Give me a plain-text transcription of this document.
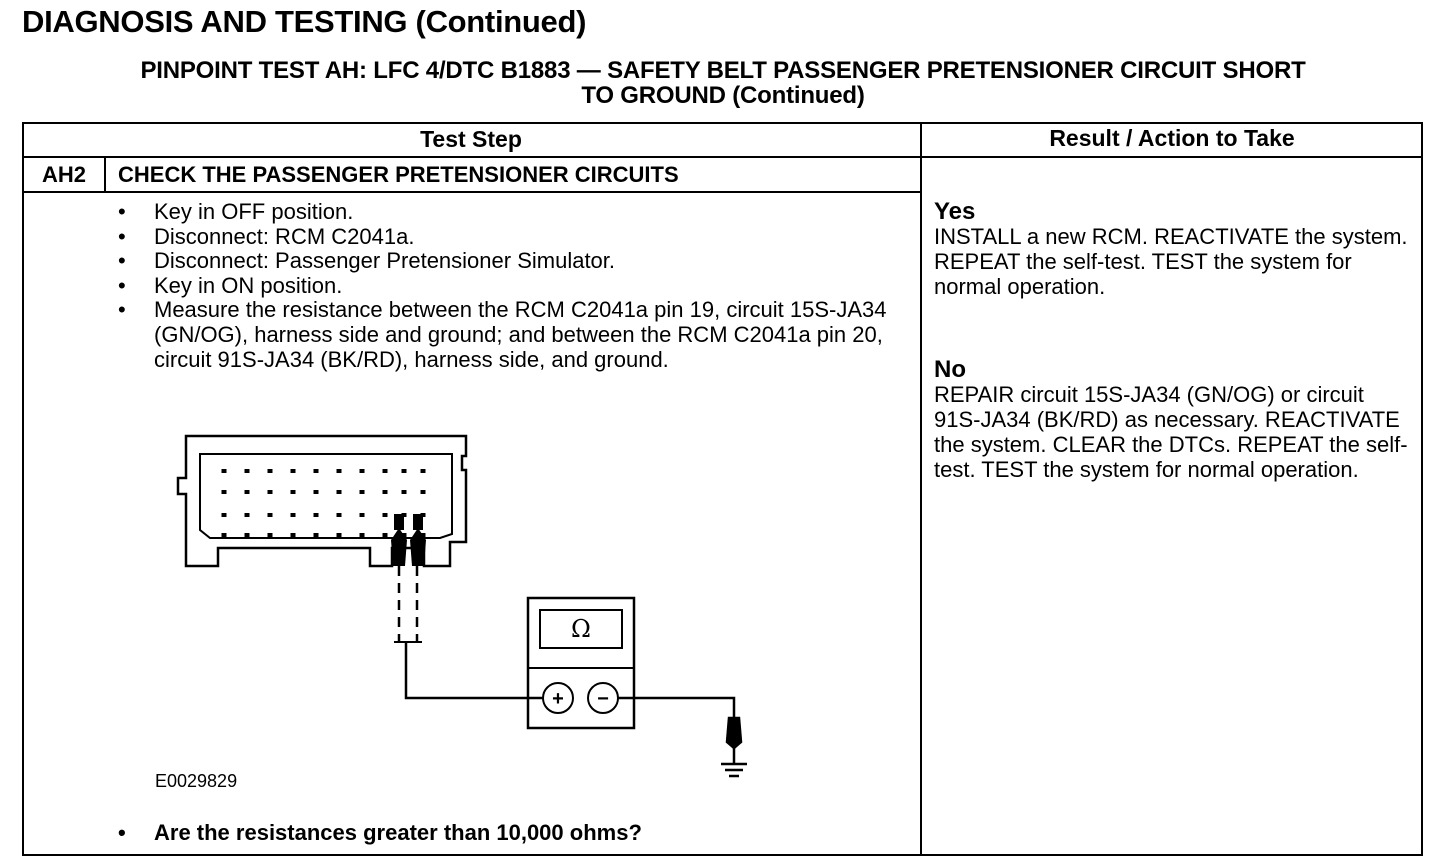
DIAGNOSIS AND TESTING (Continued)
PINPOINT TEST AH: LFC 4/DTC B1883 — SAFETY BELT PASSENGER PRETENSIONER CIRCUIT SHORT
TO GROUND (Continued)
Test Step	Result / Action to Take
AH2	CHECK THE PASSENGER PRETENSIONER CIRCUITS
• Key in OFF position.
• Disconnect: RCM C2041a.
• Disconnect: Passenger Pretensioner Simulator.
• Key in ON position.
• Measure the resistance between the RCM C2041a pin 19, circuit 15S-JA34 (GN/OG), harness side and ground; and between the RCM C2041a pin 20, circuit 91S-JA34 (BK/RD), harness side, and ground.
Ω
+ −
E0029829
• Are the resistances greater than 10,000 ohms?
Yes
INSTALL a new RCM. REACTIVATE the system. REPEAT the self-test. TEST the system for normal operation.
No
REPAIR circuit 15S-JA34 (GN/OG) or circuit 91S-JA34 (BK/RD) as necessary. REACTIVATE the system. CLEAR the DTCs. REPEAT the self-test. TEST the system for normal operation.
